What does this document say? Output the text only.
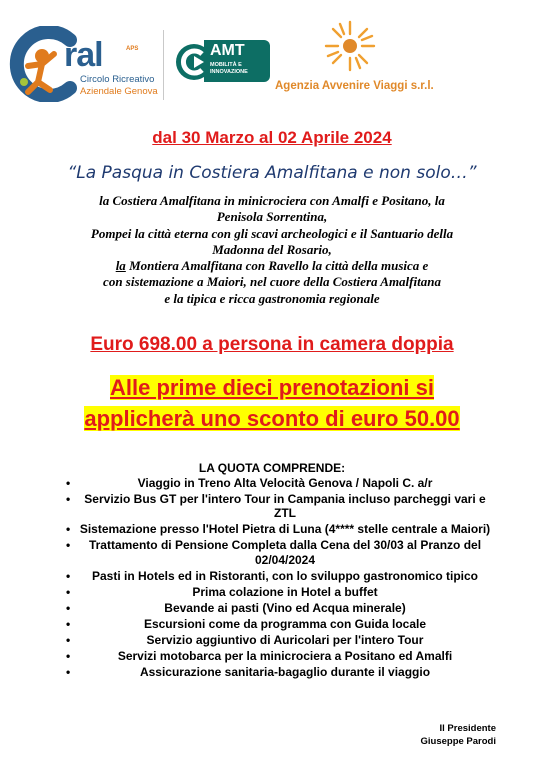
ral	APS
Circolo Ricreativo
Aziendale Genova
AMT
MOBILITÀ E
INNOVAZIONE
Agenzia Avvenire Viaggi s.r.l.
dal 30 Marzo al 02 Aprile 2024
“La Pasqua in Costiera Amalfitana e non solo…”
la Costiera Amalfitana in minicrociera con Amalfi e Positano, la
Penisola Sorrentina,
Pompei la città eterna con gli scavi archeologici e il Santuario della
Madonna del Rosario,
la Montiera Amalfitana con Ravello la città della musica e
con sistemazione a Maiori, nel cuore della Costiera Amalfitana
e la tipica e ricca gastronomia regionale
Euro 698.00 a persona in camera doppia
Alle prime dieci prenotazioni si
applicherà uno sconto di euro 50.00
LA QUOTA COMPRENDE:
• Viaggio in Treno Alta Velocità Genova / Napoli C. a/r
• Servizio Bus GT per l'intero Tour in Campania incluso parcheggi vari e ZTL
• Sistemazione presso l'Hotel Pietra di Luna (4**** stelle centrale a Maiori)
• Trattamento di Pensione Completa dalla Cena del 30/03 al Pranzo del 02/04/2024
• Pasti in Hotels ed in Ristoranti, con lo sviluppo gastronomico tipico
• Prima colazione in Hotel a buffet
• Bevande ai pasti (Vino ed Acqua minerale)
• Escursioni come da programma con Guida locale
• Servizio aggiuntivo di Auricolari per l'intero Tour
• Servizi motobarca per la minicrociera a Positano ed Amalfi
• Assicurazione sanitaria-bagaglio durante il viaggio
Il Presidente
Giuseppe Parodi
